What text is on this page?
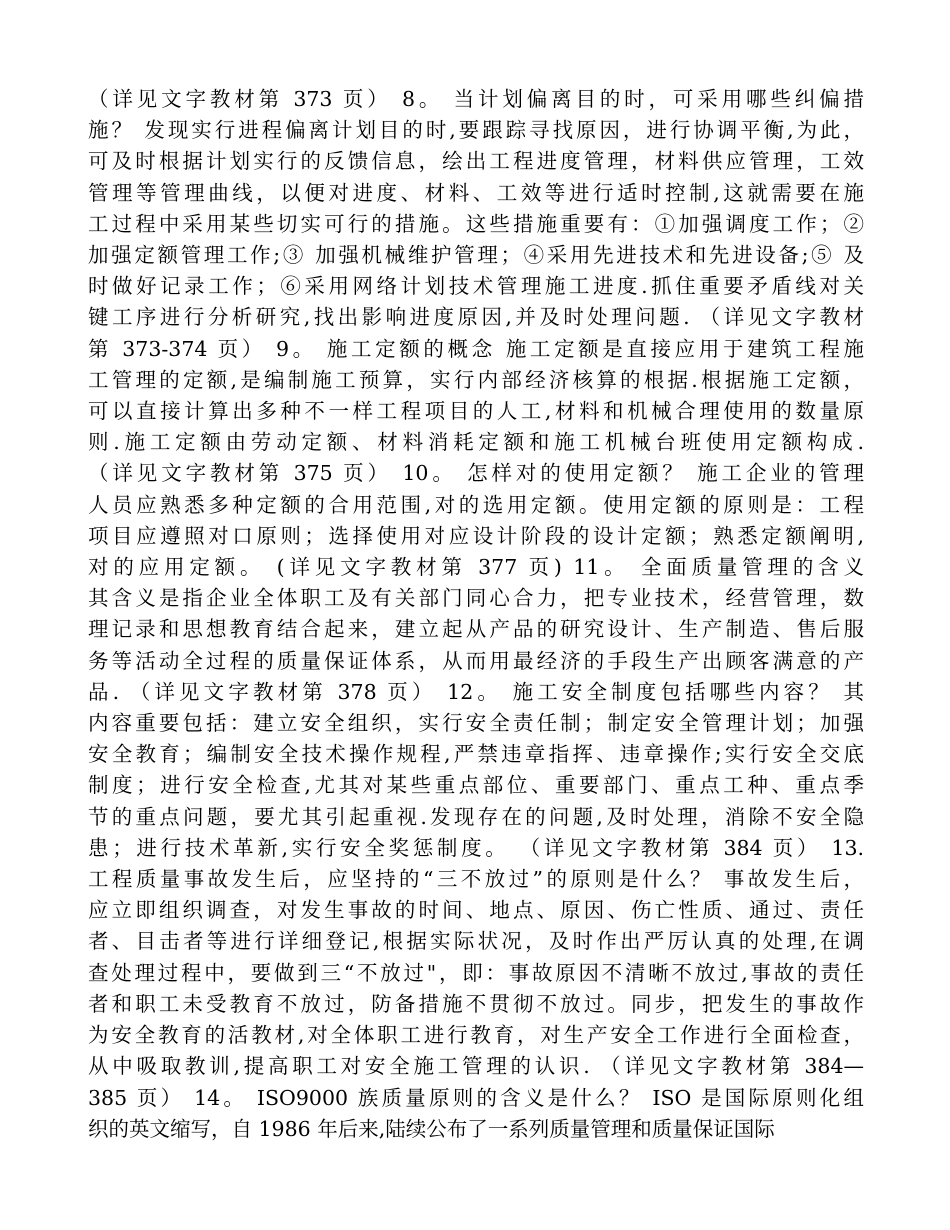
（详见文字教材第 373 页） 8。 当计划偏离目的时，可采用哪些纠偏措
施？ 发现实行进程偏离计划目的时,要跟踪寻找原因，进行协调平衡,为此，
可及时根据计划实行的反馈信息，绘出工程进度管理，材料供应管理，工效
管理等管理曲线，以便对进度、材料、工效等进行适时控制,这就需要在施
工过程中采用某些切实可行的措施。这些措施重要有：①加强调度工作；②
加强定额管理工作;③ 加强机械维护管理；④采用先进技术和先进设备;⑤ 及
时做好记录工作；⑥采用网络计划技术管理施工进度.抓住重要矛盾线对关
键工序进行分析研究,找出影响进度原因,并及时处理问题. （详见文字教材
第 373-374 页） 9。 施工定额的概念 施工定额是直接应用于建筑工程施
工管理的定额,是编制施工预算，实行内部经济核算的根据.根据施工定额，
可以直接计算出多种不一样工程项目的人工,材料和机械合理使用的数量原
则.施工定额由劳动定额、材料消耗定额和施工机械台班使用定额构成.
（详见文字教材第 375 页） 10。 怎样对的使用定额？ 施工企业的管理
人员应熟悉多种定额的合用范围,对的选用定额。使用定额的原则是：工程
项目应遵照对口原则；选择使用对应设计阶段的设计定额；熟悉定额阐明,
对的应用定额。 (详见文字教材第 377 页) 11。 全面质量管理的含义
其含义是指企业全体职工及有关部门同心合力，把专业技术，经营管理，数
理记录和思想教育结合起来，建立起从产品的研究设计、生产制造、售后服
务等活动全过程的质量保证体系，从而用最经济的手段生产出顾客满意的产
品. （详见文字教材第 378 页） 12。 施工安全制度包括哪些内容？ 其
内容重要包括：建立安全组织，实行安全责任制；制定安全管理计划；加强
安全教育；编制安全技术操作规程,严禁违章指挥、违章操作;实行安全交底
制度；进行安全检查,尤其对某些重点部位、重要部门、重点工种、重点季
节的重点问题，要尤其引起重视.发现存在的问题,及时处理，消除不安全隐
患；进行技术革新,实行安全奖惩制度。 （详见文字教材第 384 页） 13.
工程质量事故发生后，应坚持的“三不放过”的原则是什么？ 事故发生后，
应立即组织调查，对发生事故的时间、地点、原因、伤亡性质、通过、责任
者、目击者等进行详细登记,根据实际状况，及时作出严厉认真的处理,在调
查处理过程中，要做到三“不放过"，即：事故原因不清晰不放过,事故的责任
者和职工未受教育不放过，防备措施不贯彻不放过。同步，把发生的事故作
为安全教育的活教材,对全体职工进行教育，对生产安全工作进行全面检查，
从中吸取教训,提高职工对安全施工管理的认识. （详见文字教材第 384—
385 页） 14。 ISO9000 族质量原则的含义是什么？ ISO 是国际原则化组
织的英文缩写，自 1986 年后来,陆续公布了一系列质量管理和质量保证国际
